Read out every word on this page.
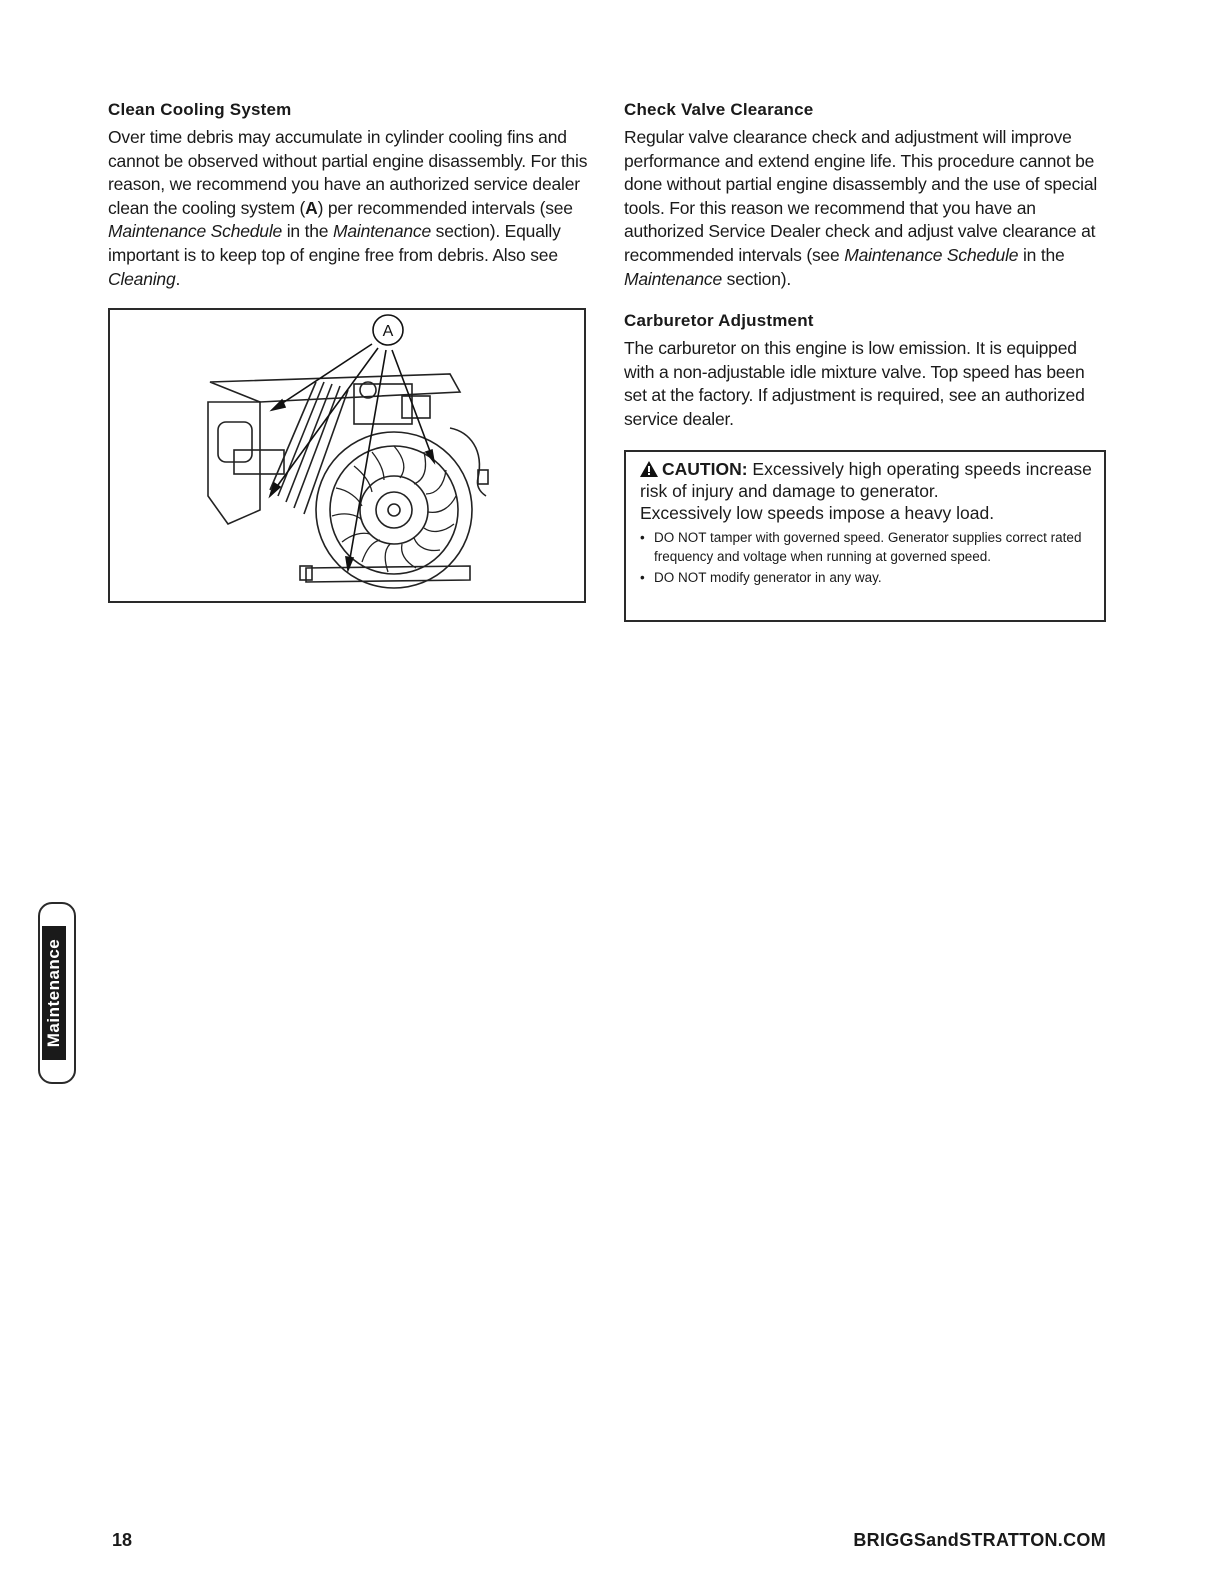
Clean Cooling System

Over time debris may accumulate in cylinder cooling fins and cannot be observed without partial engine disassembly. For this reason, we recommend you have an authorized service dealer clean the cooling system (A) per recommended intervals (see Maintenance Schedule in the Maintenance section). Equally important is to keep top of engine free from debris. Also see Cleaning.

A
Check Valve Clearance

Regular valve clearance check and adjustment will improve performance and extend engine life. This procedure cannot be done without partial engine disassembly and the use of special tools. For this reason we recommend that you have an authorized Service Dealer check and adjust valve clearance at recommended intervals (see Maintenance Schedule in the Maintenance section).

Carburetor Adjustment

The carburetor on this engine is low emission. It is equipped with a non-adjustable idle mixture valve. Top speed has been set at the factory. If adjustment is required, see an authorized service dealer.

CAUTION: Excessively high operating speeds increase risk of injury and damage to generator.

Excessively low speeds impose a heavy load.

• DO NOT tamper with governed speed. Generator supplies correct rated frequency and voltage when running at governed speed.
• DO NOT modify generator in any way.
Maintenance
18	BRIGGSandSTRATTON.COM
